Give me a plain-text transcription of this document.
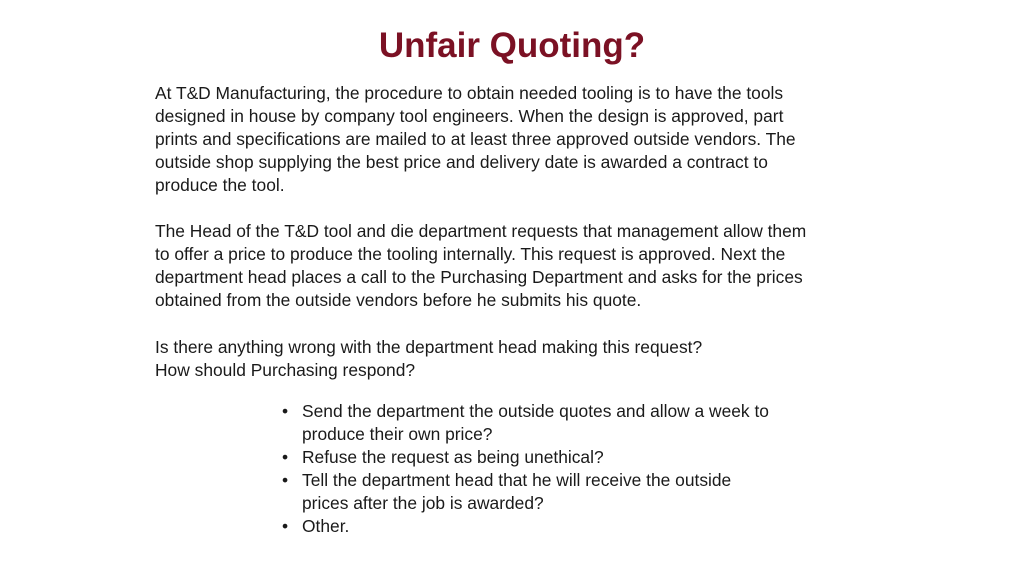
Unfair Quoting?

At T&D Manufacturing, the procedure to obtain needed tooling is to have the tools
designed in house by company tool engineers. When the design is approved, part
prints and specifications are mailed to at least three approved outside vendors. The
outside shop supplying the best price and delivery date is awarded a contract to
produce the tool.

The Head of the T&D tool and die department requests that management allow them
to offer a price to produce the tooling internally. This request is approved. Next the
department head places a call to the Purchasing Department and asks for the prices
obtained from the outside vendors before he submits his quote.

Is there anything wrong with the department head making this request?
How should Purchasing respond?

• Send the department the outside quotes and allow a week to
produce their own price?
• Refuse the request as being unethical?
• Tell the department head that he will receive the outside
prices after the job is awarded?
• Other.
